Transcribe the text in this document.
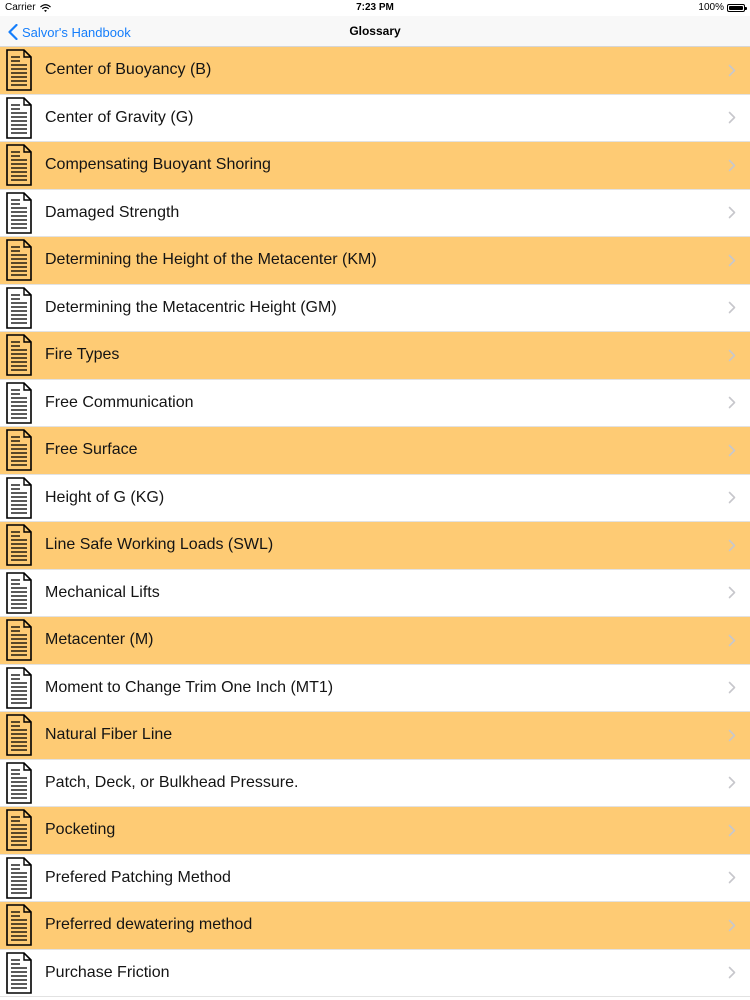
Carrier	7:23 PM	100%
Salvor's Handbook	Glossary
Center of Buoyancy (B)
Center of Gravity (G)
Compensating Buoyant Shoring
Damaged Strength
Determining the Height of the Metacenter (KM)
Determining the Metacentric Height (GM)
Fire Types
Free Communication
Free Surface
Height of G (KG)
Line Safe Working Loads (SWL)
Mechanical Lifts
Metacenter (M)
Moment to Change Trim One Inch (MT1)
Natural Fiber Line
Patch, Deck, or Bulkhead Pressure.
Pocketing
Prefered Patching Method
Preferred dewatering method
Purchase Friction
